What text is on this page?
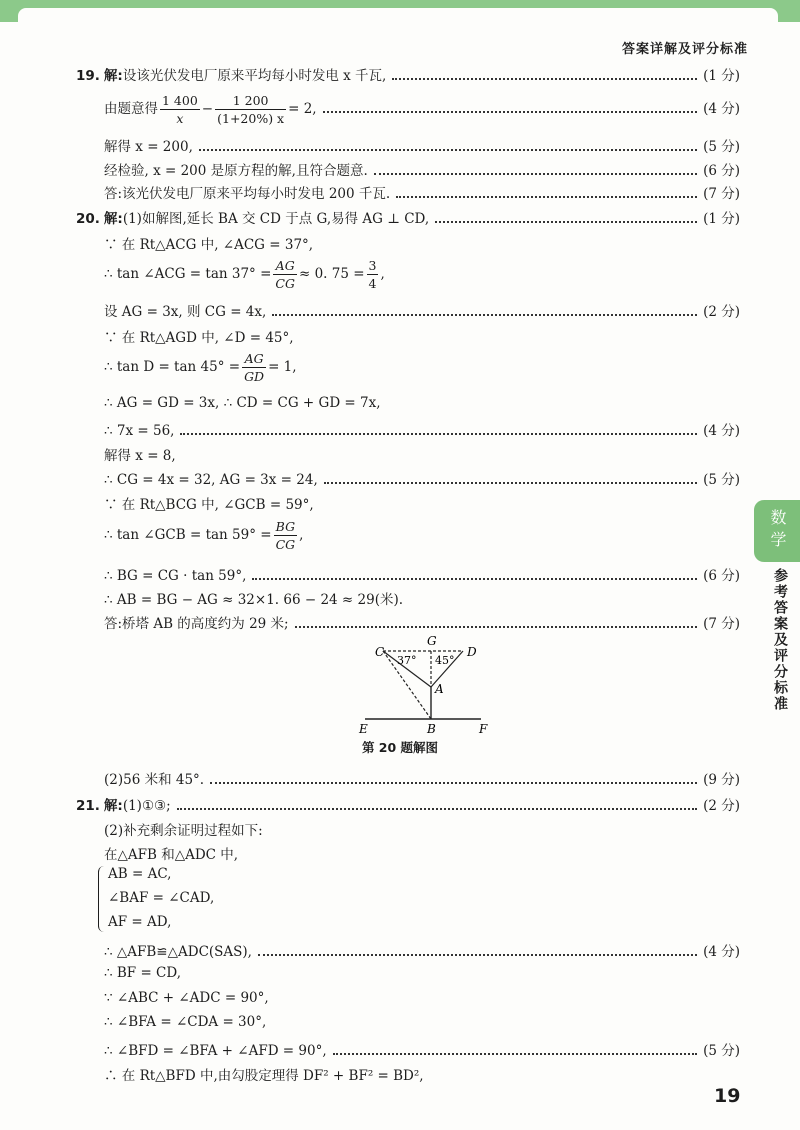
答案详解及评分标准
19. 解:设该光伏发电厂原来平均每小时发电 x 千瓦,	(1 分)
由题意得 $\frac{1 400}{x} - \frac{1 200}{(1+20\%) x} = 2$,	(4 分)
解得 x = 200,	(5 分)
经检验, x = 200 是原方程的解,且符合题意.	(6 分)
答:该光伏发电厂原来平均每小时发电 200 千瓦.	(7 分)
20. 解:(1)如解图,延长 BA 交 CD 于点 G,易得 AG ⊥ CD,	(1 分)
∵ 在 Rt△ACG 中, ∠ACG = 37°,
∴ tan ∠ACG = $\tan 37^\circ = \frac{AG}{CG} \approx 0$. $75 = \frac{3}{4}$ ,
设 AG = 3x, 则 CG = 4x,	(2 分)
∵ 在 Rt△AGD 中, ∠D = 45°,
∴ $\tan D = \tan 45^\circ = \frac{AG}{GD} = 1$,
∴ AG = GD = 3x, ∴ CD = CG + GD = 7x,
∴ 7x = 56,	(4 分)
解得 x = 8,
∴ CG = 4x = 32, AG = 3x = 24,	(5 分)
∵ 在 Rt△BCG 中, ∠GCB = 59°,
∴ tan ∠GCB = $\tan 59^\circ = \frac{BG}{CG}$ ,
∴ BG = CG · tan 59°,	(6 分)
∴ AB = BG − AG ≈ 32×1. 66 − 24 ≈ 29(米).
答:桥塔 AB 的高度约为 29 米;	(7 分)
C
G
D
A
E	B	F
37° 45°
第 20 题解图
(2)56 米和 45°.	(9 分)
21. 解:(1)①③;	(2 分)
(2)补充剩余证明过程如下:
在△AFB 和△ADC 中,
AB = AC,
∠BAF = ∠CAD,
AF = AD,
∴ △AFB≌△ADC(SAS),	(4 分)
∴ BF = CD,
∵ ∠ABC + ∠ADC = 90°,
∴ ∠BFA = ∠CDA = 30°,
∴ ∠BFD = ∠BFA + ∠AFD = 90°,	(5 分)
∴ 在 Rt△BFD 中,由勾股定理得 DF² + BF² = BD²,
数学
参考答案及评分标准
19
